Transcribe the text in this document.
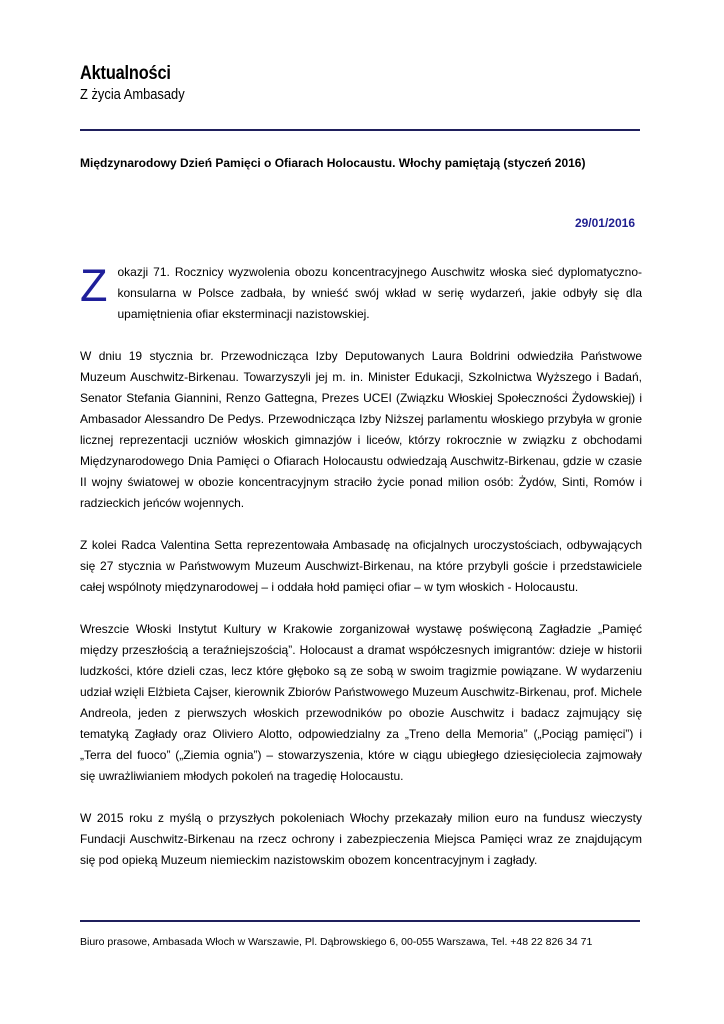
Aktualności
Z życia Ambasady
Międzynarodowy Dzień Pamięci o Ofiarach Holocaustu. Włochy pamiętają (styczeń 2016)
29/01/2016

Z okazji 71. Rocznicy wyzwolenia obozu koncentracyjnego Auschwitz włoska sieć dyplomatyczno-konsularna w Polsce zadbała, by wnieść swój wkład w serię wydarzeń, jakie odbyły się dla upamiętnienia ofiar eksterminacji nazistowskiej.

W dniu 19 stycznia br. Przewodnicząca Izby Deputowanych Laura Boldrini odwiedziła Państwowe Muzeum Auschwitz-Birkenau. Towarzyszyli jej m. in. Minister Edukacji, Szkolnictwa Wyższego i Badań, Senator Stefania Giannini, Renzo Gattegna, Prezes UCEI (Związku Włoskiej Społeczności Żydowskiej) i Ambasador Alessandro De Pedys. Przewodnicząca Izby Niższej parlamentu włoskiego przybyła w gronie licznej reprezentacji uczniów włoskich gimnazjów i liceów, którzy rokrocznie w związku z obchodami Międzynarodowego Dnia Pamięci o Ofiarach Holocaustu odwiedzają Auschwitz-Birkenau, gdzie w czasie II wojny światowej w obozie koncentracyjnym straciło życie ponad milion osób: Żydów, Sinti, Romów i radzieckich jeńców wojennych.

Z kolei Radca Valentina Setta reprezentowała Ambasadę na oficjalnych uroczystościach, odbywających się 27 stycznia w Państwowym Muzeum Auschwizt-Birkenau, na które przybyli goście i przedstawiciele całej wspólnoty międzynarodowej – i oddała hołd pamięci ofiar – w tym włoskich - Holocaustu.

Wreszcie Włoski Instytut Kultury w Krakowie zorganizował wystawę poświęconą Zagładzie „Pamięć między przeszłością a teraźniejszością”. Holocaust a dramat współczesnych imigrantów: dzieje w historii ludzkości, które dzieli czas, lecz które głęboko są ze sobą w swoim tragizmie powiązane. W wydarzeniu udział wzięli Elżbieta Cajser, kierownik Zbiorów Państwowego Muzeum Auschwitz-Birkenau, prof. Michele Andreola, jeden z pierwszych włoskich przewodników po obozie Auschwitz i badacz zajmujący się tematyką Zagłady oraz Oliviero Alotto, odpowiedzialny za „Treno della Memoria” („Pociąg pamięci”) i „Terra del fuoco” („Ziemia ognia”) – stowarzyszenia, które w ciągu ubiegłego dziesięciolecia zajmowały się uwrażliwianiem młodych pokoleń na tragedię Holocaustu.

W 2015 roku z myślą o przyszłych pokoleniach Włochy przekazały milion euro na fundusz wieczysty Fundacji Auschwitz-Birkenau na rzecz ochrony i zabezpieczenia Miejsca Pamięci wraz ze znajdującym się pod opieką Muzeum niemieckim nazistowskim obozem koncentracyjnym i zagłady.

Biuro prasowe, Ambasada Włoch w Warszawie, Pl. Dąbrowskiego 6, 00-055 Warszawa, Tel. +48 22 826 34 71
